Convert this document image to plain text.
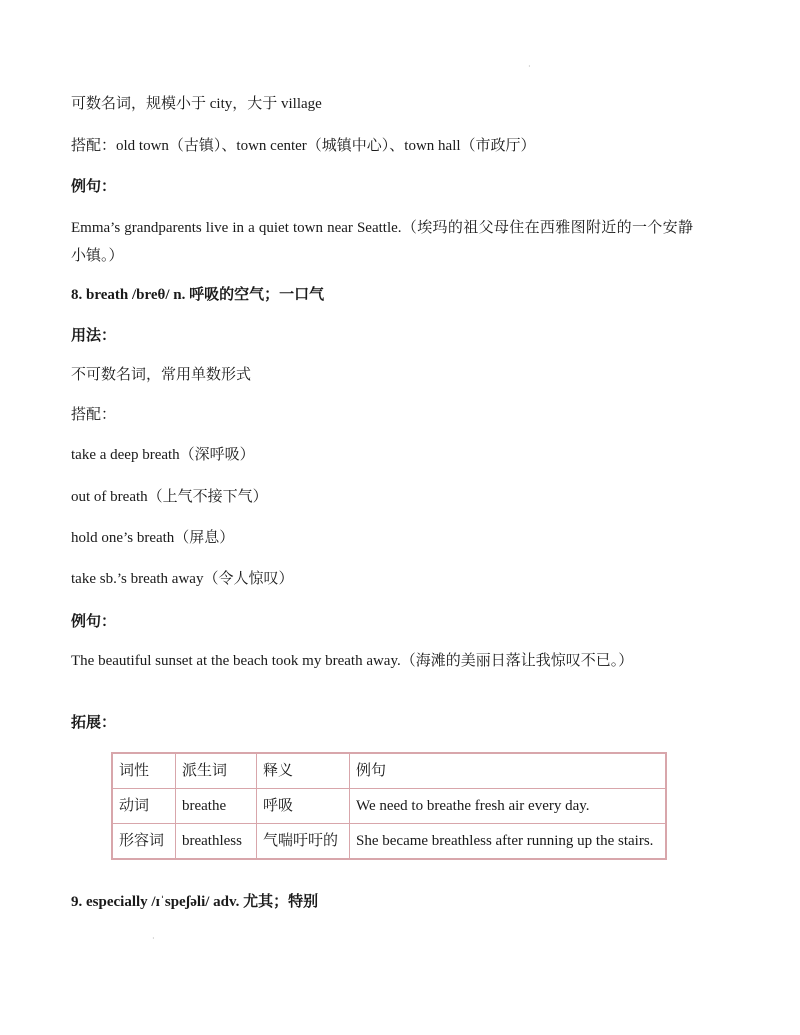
·
·
可数名词，规模小于 city，大于 village
搭配：old town（古镇）、town center（城镇中心）、town hall（市政厅）
例句：
Emma’s grandparents live in a quiet town near Seattle.（埃玛的祖父母住在西雅图附近的一个安静小镇。）
8. breath /breθ/ n. 呼吸的空气；一口气
用法：
不可数名词，常用单数形式
搭配：
take a deep breath（深呼吸）
out of breath（上气不接下气）
hold one’s breath（屏息）
take sb.’s breath away（令人惊叹）
例句：
The beautiful sunset at the beach took my breath away.（海滩的美丽日落让我惊叹不已。）
拓展：
词性	派生词	释义	例句
动词	breathe	呼吸	We need to breathe fresh air every day.
形容词	breathless	气喘吁吁的	She became breathless after running up the stairs.
9. especially /ɪˈspeʃəli/ adv. 尤其；特别
